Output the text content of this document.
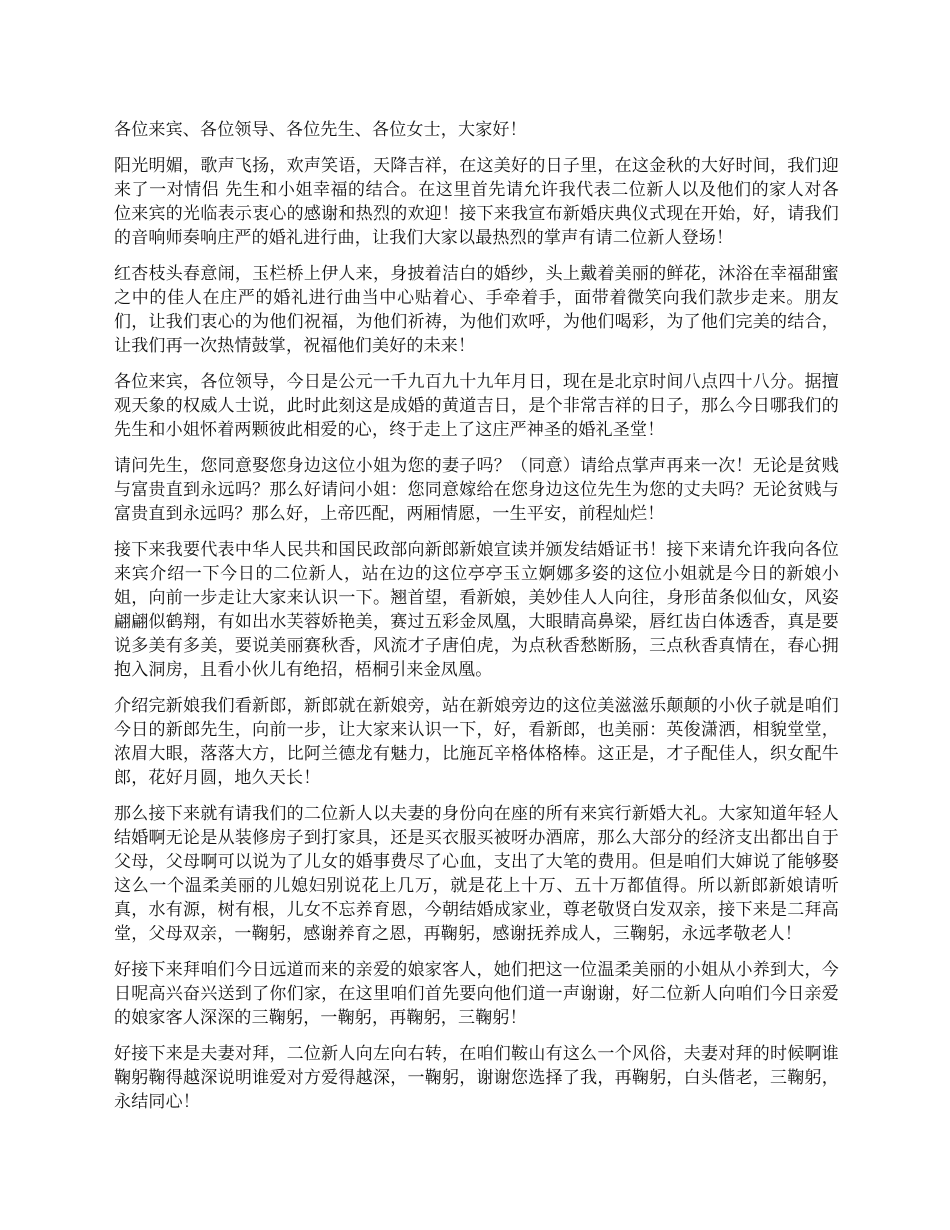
各位来宾、各位领导、各位先生、各位女士，大家好！

阳光明媚，歌声飞扬，欢声笑语，天降吉祥，在这美好的日子里，在这金秋的大好时间，我们迎来了一对情侣 先生和小姐幸福的结合。在这里首先请允许我代表二位新人以及他们的家人对各位来宾的光临表示衷心的感谢和热烈的欢迎！接下来我宣布新婚庆典仪式现在开始，好，请我们的音响师奏响庄严的婚礼进行曲，让我们大家以最热烈的掌声有请二位新人登场！

红杏枝头春意闹，玉栏桥上伊人来，身披着洁白的婚纱，头上戴着美丽的鲜花，沐浴在幸福甜蜜之中的佳人在庄严的婚礼进行曲当中心贴着心、手牵着手，面带着微笑向我们款步走来。朋友们，让我们衷心的为他们祝福，为他们祈祷，为他们欢呼，为他们喝彩，为了他们完美的结合，让我们再一次热情鼓掌，祝福他们美好的未来！

各位来宾，各位领导，今日是公元一千九百九十九年月日，现在是北京时间八点四十八分。据擅观天象的权威人士说，此时此刻这是成婚的黄道吉日，是个非常吉祥的日子，那么今日哪我们的先生和小姐怀着两颗彼此相爱的心，终于走上了这庄严神圣的婚礼圣堂！

请问先生，您同意娶您身边这位小姐为您的妻子吗？（同意）请给点掌声再来一次！无论是贫贱与富贵直到永远吗？那么好请问小姐：您同意嫁给在您身边这位先生为您的丈夫吗？无论贫贱与富贵直到永远吗？那么好，上帝匹配，两厢情愿，一生平安，前程灿烂！

接下来我要代表中华人民共和国民政部向新郎新娘宣读并颁发结婚证书！接下来请允许我向各位来宾介绍一下今日的二位新人，站在边的这位亭亭玉立婀娜多姿的这位小姐就是今日的新娘小姐，向前一步走让大家来认识一下。翘首望，看新娘，美妙佳人人向往，身形苗条似仙女，风姿翩翩似鹤翔，有如出水芙蓉娇艳美，赛过五彩金凤凰，大眼睛高鼻梁，唇红齿白体透香，真是要说多美有多美，要说美丽赛秋香，风流才子唐伯虎，为点秋香愁断肠，三点秋香真情在，春心拥抱入洞房，且看小伙儿有绝招，梧桐引来金凤凰。

介绍完新娘我们看新郎，新郎就在新娘旁，站在新娘旁边的这位美滋滋乐颠颠的小伙子就是咱们今日的新郎先生，向前一步，让大家来认识一下，好，看新郎，也美丽：英俊潇洒，相貌堂堂，浓眉大眼，落落大方，比阿兰德龙有魅力，比施瓦辛格体格棒。这正是，才子配佳人，织女配牛郎，花好月圆，地久天长！

那么接下来就有请我们的二位新人以夫妻的身份向在座的所有来宾行新婚大礼。大家知道年轻人结婚啊无论是从装修房子到打家具，还是买衣服买被呀办酒席，那么大部分的经济支出都出自于父母，父母啊可以说为了儿女的婚事费尽了心血，支出了大笔的费用。但是咱们大婶说了能够娶这么一个温柔美丽的儿媳妇别说花上几万，就是花上十万、五十万都值得。所以新郎新娘请听真，水有源，树有根，儿女不忘养育恩，今朝结婚成家业，尊老敬贤白发双亲，接下来是二拜高堂，父母双亲，一鞠躬，感谢养育之恩，再鞠躬，感谢抚养成人，三鞠躬，永远孝敬老人！

好接下来拜咱们今日远道而来的亲爱的娘家客人，她们把这一位温柔美丽的小姐从小养到大，今日呢高兴奋兴送到了你们家，在这里咱们首先要向他们道一声谢谢，好二位新人向咱们今日亲爱的娘家客人深深的三鞠躬，一鞠躬，再鞠躬，三鞠躬！

好接下来是夫妻对拜，二位新人向左向右转，在咱们鞍山有这么一个风俗，夫妻对拜的时候啊谁鞠躬鞠得越深说明谁爱对方爱得越深，一鞠躬，谢谢您选择了我，再鞠躬，白头偕老，三鞠躬，永结同心！
